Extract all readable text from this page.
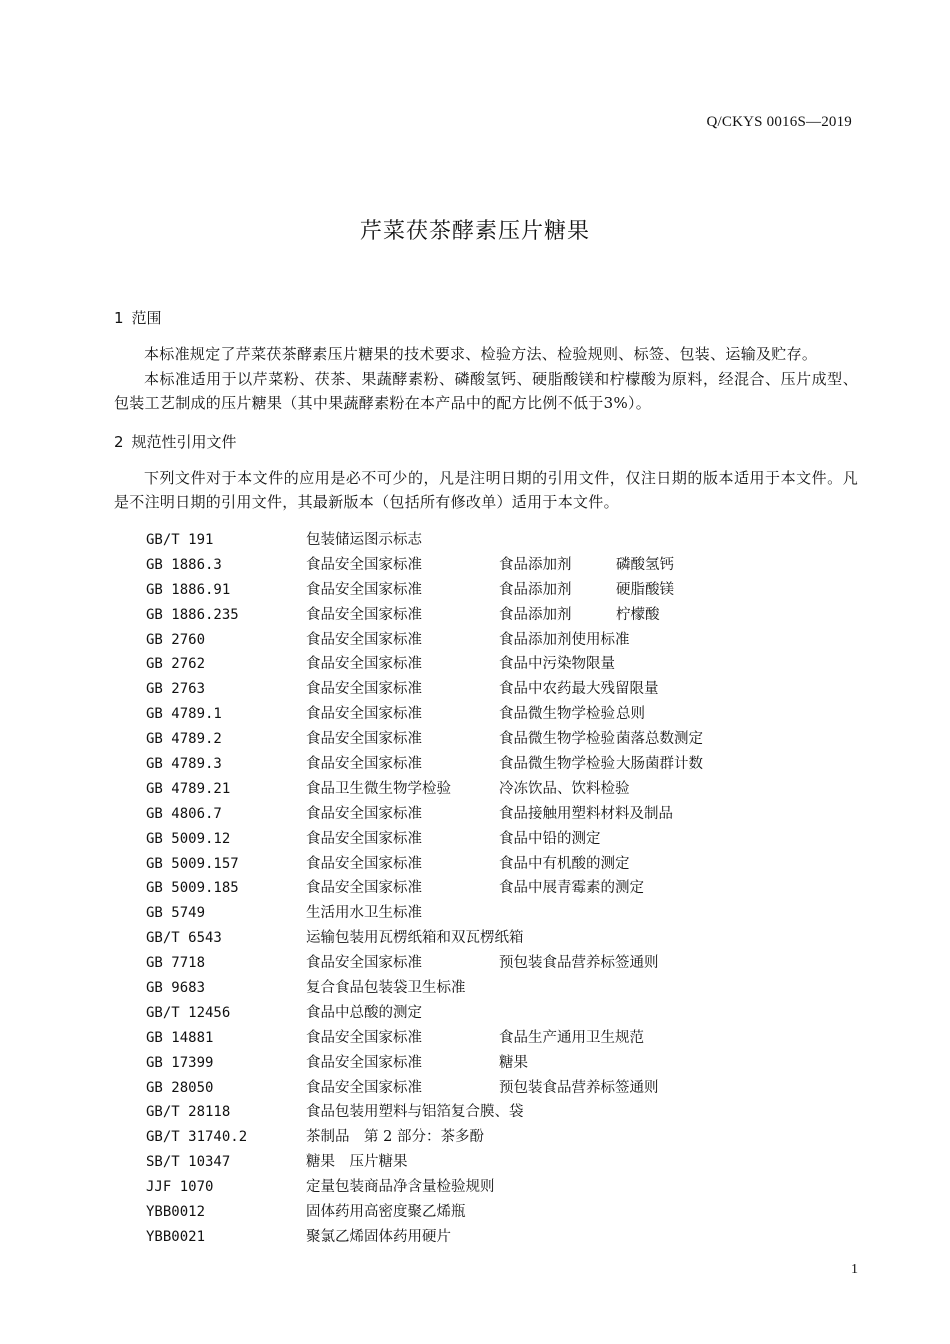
Q/CKYS 0016S—2019
芹菜茯茶酵素压片糖果
1 范围
本标准规定了芹菜茯茶酵素压片糖果的技术要求、检验方法、检验规则、标签、包装、运输及贮存。
本标准适用于以芹菜粉、茯茶、果蔬酵素粉、磷酸氢钙、硬脂酸镁和柠檬酸为原料，经混合、压片成型、包装工艺制成的压片糖果（其中果蔬酵素粉在本产品中的配方比例不低于3%）。
2 规范性引用文件
下列文件对于本文件的应用是必不可少的，凡是注明日期的引用文件，仅注日期的版本适用于本文件。凡是不注明日期的引用文件，其最新版本（包括所有修改单）适用于本文件。
GB/T 191	包装储运图示标志
GB 1886.3	食品安全国家标准	食品添加剂	磷酸氢钙
GB 1886.91	食品安全国家标准	食品添加剂	硬脂酸镁
GB 1886.235	食品安全国家标准	食品添加剂	柠檬酸
GB 2760	食品安全国家标准	食品添加剂使用标准
GB 2762	食品安全国家标准	食品中污染物限量
GB 2763	食品安全国家标准	食品中农药最大残留限量
GB 4789.1	食品安全国家标准	食品微生物学检验 总则
GB 4789.2	食品安全国家标准	食品微生物学检验 菌落总数测定
GB 4789.3	食品安全国家标准	食品微生物学检验 大肠菌群计数
GB 4789.21	食品卫生微生物学检验	冷冻饮品、饮料检验
GB 4806.7	食品安全国家标准	食品接触用塑料材料及制品
GB 5009.12	食品安全国家标准	食品中铅的测定
GB 5009.157	食品安全国家标准	食品中有机酸的测定
GB 5009.185	食品安全国家标准	食品中展青霉素的测定
GB 5749	生活用水卫生标准
GB/T 6543	运输包装用瓦楞纸箱和双瓦楞纸箱
GB 7718	食品安全国家标准	预包装食品营养标签通则
GB 9683	复合食品包装袋卫生标准
GB/T 12456	食品中总酸的测定
GB 14881	食品安全国家标准	食品生产通用卫生规范
GB 17399	食品安全国家标准	糖果
GB 28050	食品安全国家标准	预包装食品营养标签通则
GB/T 28118	食品包装用塑料与铝箔复合膜、袋
GB/T 31740.2	茶制品　第 2 部分：茶多酚
SB/T 10347	糖果　压片糖果
JJF 1070	定量包装商品净含量检验规则
YBB0012	固体药用高密度聚乙烯瓶
YBB0021	聚氯乙烯固体药用硬片
1
